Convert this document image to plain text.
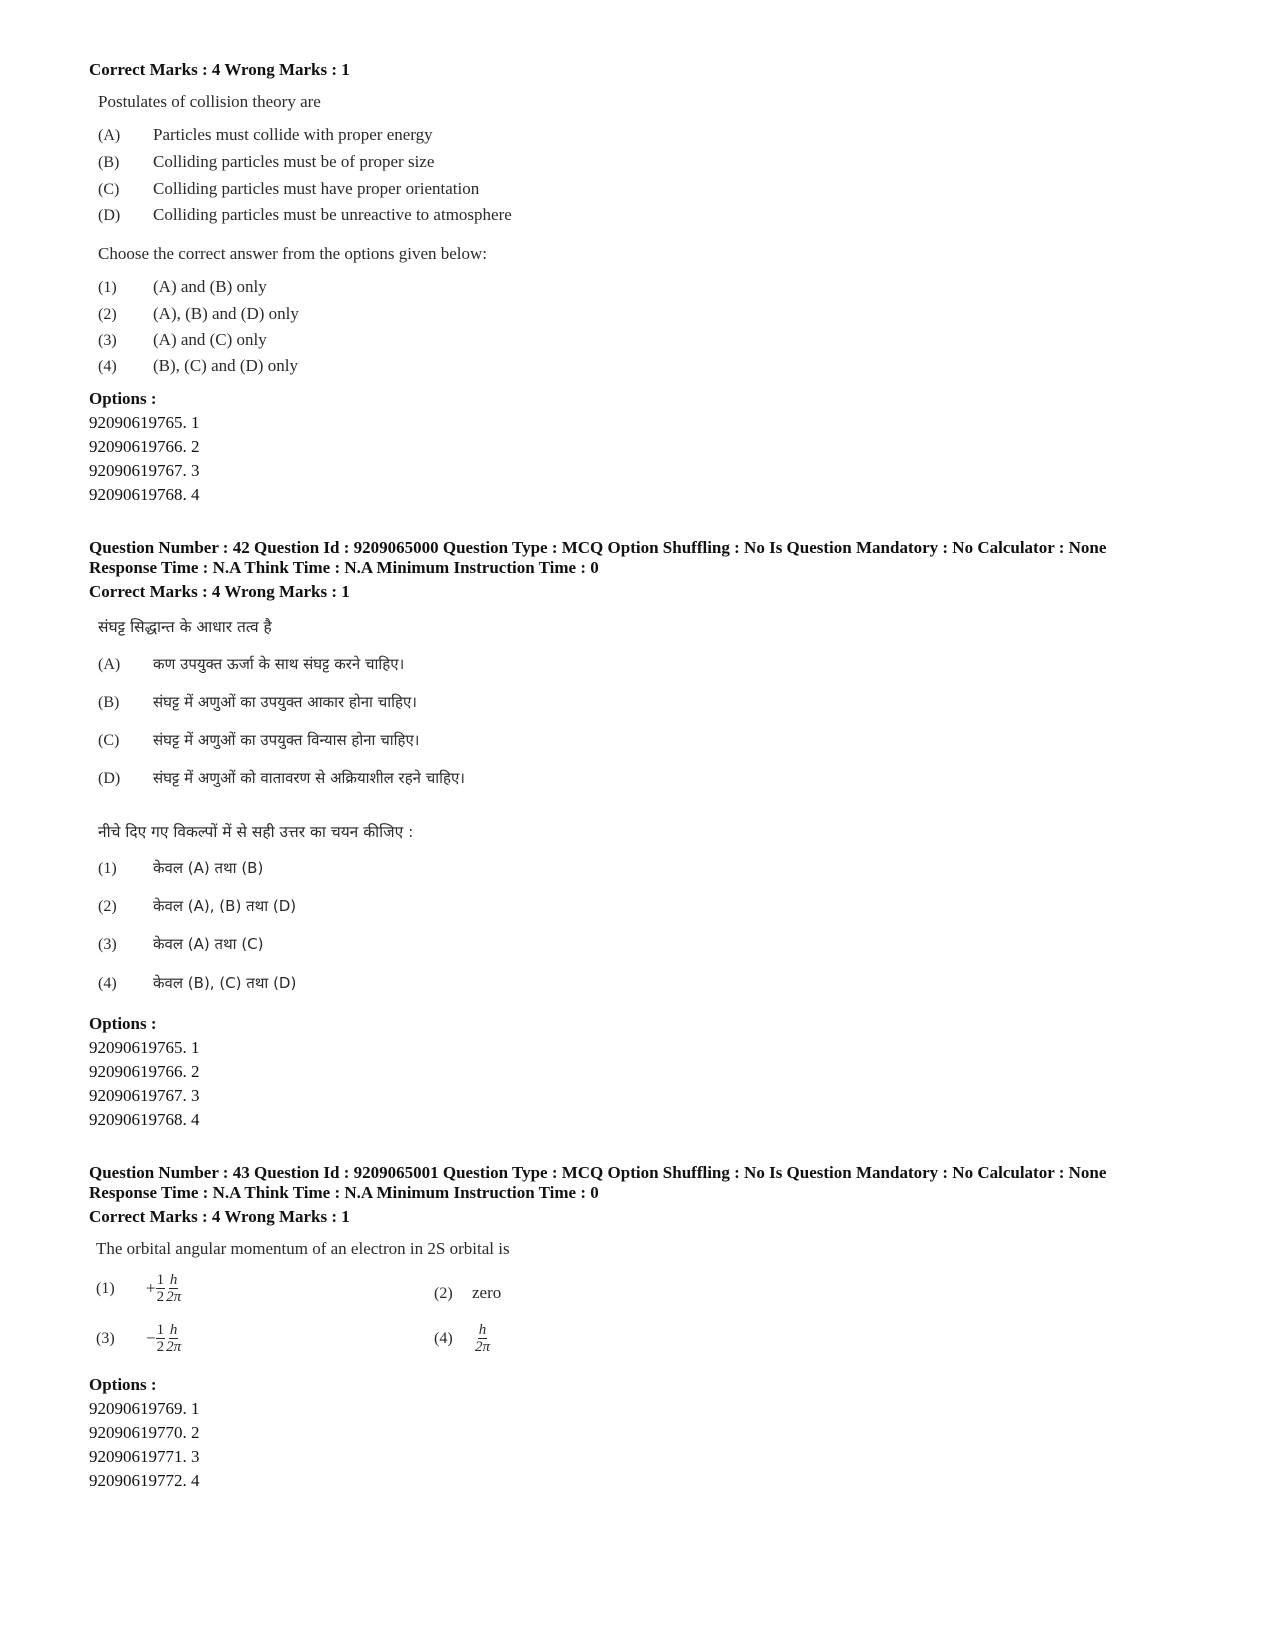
Correct Marks : 4 Wrong Marks : 1
Postulates of collision theory are
(A) Particles must collide with proper energy
(B) Colliding particles must be of proper size
(C) Colliding particles must have proper orientation
(D) Colliding particles must be unreactive to atmosphere
Choose the correct answer from the options given below:
(1) (A) and (B) only
(2) (A), (B) and (D) only
(3) (A) and (C) only
(4) (B), (C) and (D) only
Options :
92090619765. 1
92090619766. 2
92090619767. 3
92090619768. 4
Question Number : 42 Question Id : 9209065000 Question Type : MCQ Option Shuffling : No Is Question Mandatory : No Calculator : None
Response Time : N.A Think Time : N.A Minimum Instruction Time : 0
Correct Marks : 4 Wrong Marks : 1
संघट्ट सिद्धान्त के आधार तत्व है
(A) कण उपयुक्त ऊर्जा के साथ संघट्ट करने चाहिए।
(B) संघट्ट में अणुओं का उपयुक्त आकार होना चाहिए।
(C) संघट्ट में अणुओं का उपयुक्त विन्यास होना चाहिए।
(D) संघट्ट में अणुओं को वातावरण से अक्रियाशील रहने चाहिए।
नीचे दिए गए विकल्पों में से सही उत्तर का चयन कीजिए :
(1) केवल (A) तथा (B)
(2) केवल (A), (B) तथा (D)
(3) केवल (A) तथा (C)
(4) केवल (B), (C) तथा (D)
Options :
92090619765. 1
92090619766. 2
92090619767. 3
92090619768. 4
Question Number : 43 Question Id : 9209065001 Question Type : MCQ Option Shuffling : No Is Question Mandatory : No Calculator : None
Response Time : N.A Think Time : N.A Minimum Instruction Time : 0
Correct Marks : 4 Wrong Marks : 1
The orbital angular momentum of an electron in 2S orbital is
$(1) + \frac{1}{2} \frac{h}{2\pi}$	(2) zero
$(3) - \frac{1}{2} \frac{h}{2\pi}$	$(4) \frac{h}{2\pi}$
Options :
92090619769. 1
92090619770. 2
92090619771. 3
92090619772. 4
